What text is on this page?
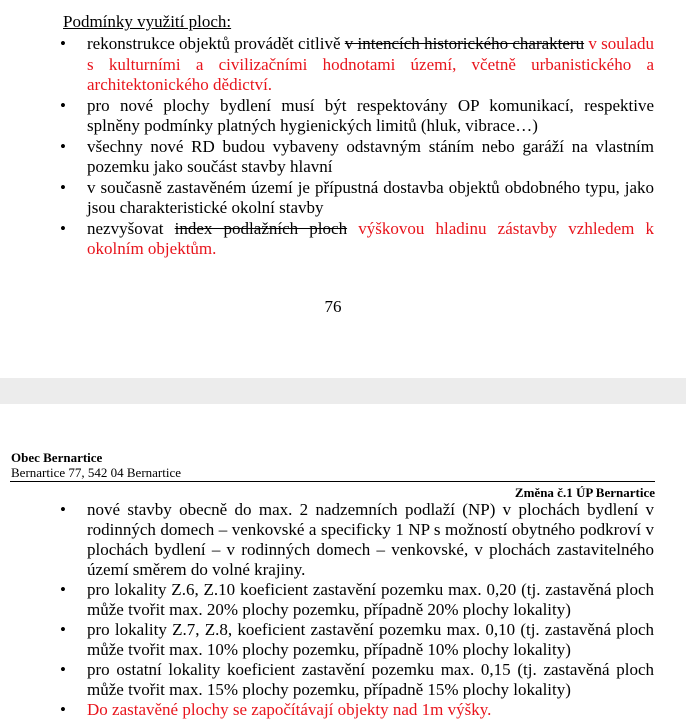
Podmínky využití ploch:
• rekonstrukce objektů provádět citlivě v intencích historického charakteru v souladu s kulturními a civilizačními hodnotami území, včetně urbanistického a architektonického dědictví.
• pro nové plochy bydlení musí být respektovány OP komunikací, respektive splněny podmínky platných hygienických limitů (hluk, vibrace…)
• všechny nové RD budou vybaveny odstavným stáním nebo garáží na vlastním pozemku jako součást stavby hlavní
• v současně zastavěném území je přípustná dostavba objektů obdobného typu, jako jsou charakteristické okolní stavby
• nezvyšovat index podlažních ploch výškovou hladinu zástavby vzhledem k okolním objektům.
76
Obec Bernartice
Bernartice 77, 542 04 Bernartice
Změna č.1 ÚP Bernartice
• nové stavby obecně do max. 2 nadzemních podlaží (NP) v plochách bydlení v rodinných domech – venkovské a specificky 1 NP s možností obytného podkroví v plochách bydlení – v rodinných domech – venkovské, v plochách zastavitelného území směrem do volné krajiny.
• pro lokality Z.6, Z.10 koeficient zastavění pozemku max. 0,20 (tj. zastavěná ploch může tvořit max. 20% plochy pozemku, případně 20% plochy lokality)
• pro lokality Z.7, Z.8, koeficient zastavění pozemku max. 0,10 (tj. zastavěná ploch může tvořit max. 10% plochy pozemku, případně 10% plochy lokality)
• pro ostatní lokality koeficient zastavění pozemku max. 0,15 (tj. zastavěná ploch může tvořit max. 15% plochy pozemku, případně 15% plochy lokality)
• Do zastavěné plochy se započítávají objekty nad 1m výšky.
